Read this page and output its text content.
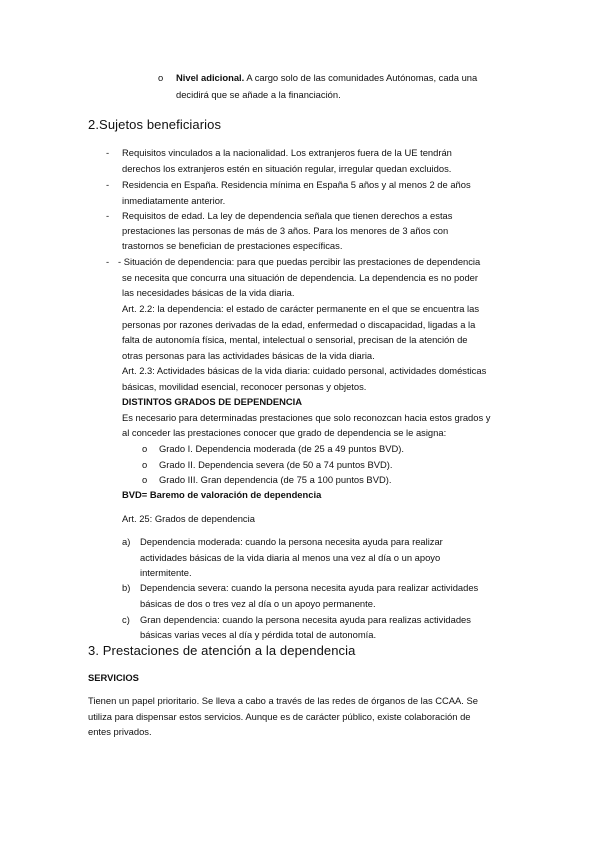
o Nivel adicional. A cargo solo de las comunidades Autónomas, cada una
decidirá que se añade a la financiación.
2.Sujetos beneficiarios
- Requisitos vinculados a la nacionalidad. Los extranjeros fuera de la UE tendrán
derechos los extranjeros estén en situación regular, irregular quedan excluidos.
- Residencia en España. Residencia mínima en España 5 años y al menos 2 de años
inmediatamente anterior.
- Requisitos de edad. La ley de dependencia señala que tienen derechos a estas
prestaciones las personas de más de 3 años. Para los menores de 3 años con
trastornos se benefician de prestaciones específicas.
- - Situación de dependencia: para que puedas percibir las prestaciones de dependencia
se necesita que concurra una situación de dependencia. La dependencia es no poder
las necesidades básicas de la vida diaria.
Art. 2.2: la dependencia: el estado de carácter permanente en el que se encuentra las
personas por razones derivadas de la edad, enfermedad o discapacidad, ligadas a la
falta de autonomía física, mental, intelectual o sensorial, precisan de la atención de
otras personas para las actividades básicas de la vida diaria.
Art. 2.3: Actividades básicas de la vida diaria: cuidado personal, actividades domésticas
básicas, movilidad esencial, reconocer personas y objetos.
DISTINTOS GRADOS DE DEPENDENCIA
Es necesario para determinadas prestaciones que solo reconozcan hacia estos grados y
al conceder las prestaciones conocer que grado de dependencia se le asigna:
o Grado I. Dependencia moderada (de 25 a 49 puntos BVD).
o Grado II. Dependencia severa (de 50 a 74 puntos BVD).
o Grado III. Gran dependencia (de 75 a 100 puntos BVD).
BVD= Baremo de valoración de dependencia
Art. 25: Grados de dependencia
a) Dependencia moderada: cuando la persona necesita ayuda para realizar
actividades básicas de la vida diaria al menos una vez al día o un apoyo
intermitente.
b) Dependencia severa: cuando la persona necesita ayuda para realizar actividades
básicas de dos o tres vez al día o un apoyo permanente.
c) Gran dependencia: cuando la persona necesita ayuda para realizas actividades
básicas varias veces al día y pérdida total de autonomía.
3. Prestaciones de atención a la dependencia
SERVICIOS
Tienen un papel prioritario. Se lleva a cabo a través de las redes de órganos de las CCAA. Se
utiliza para dispensar estos servicios. Aunque es de carácter público, existe colaboración de
entes privados.
